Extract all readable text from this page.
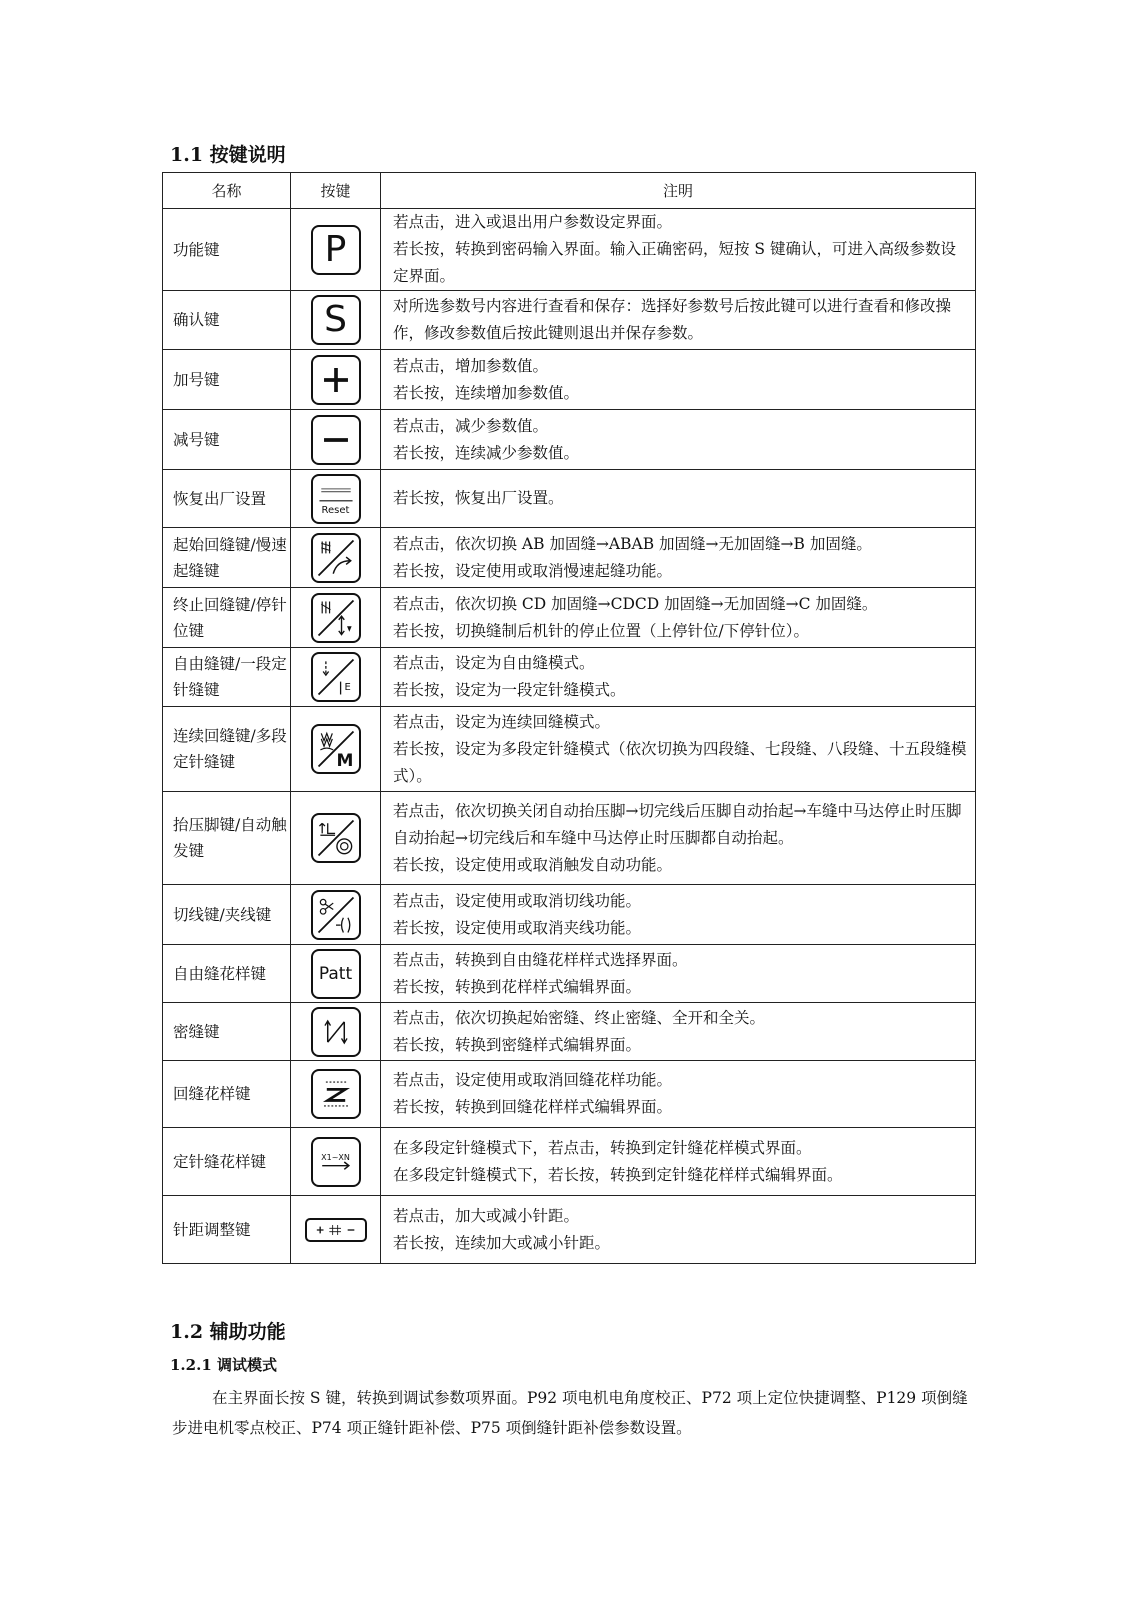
1.1 按键说明
名称	按键	注明
功能键	P	若点击，进入或退出用户参数设定界面。

若长按，转换到密码输入界面。输入正确密码，短按 S 键确认，可进入高级参数设定界面。

确认键	S	对所选参数号内容进行查看和保存：选择好参数号后按此键可以进行查看和修改操作，修改参数值后按此键则退出并保存参数。

加号键		若点击，增加参数值。

若长按，连续增加参数值。

减号键		若点击，减少参数值。

若长按，连续减少参数值。

恢复出厂设置	Reset	若长按，恢复出厂设置。

起始回缝键/慢速起缝键		若点击，依次切换 AB 加固缝→ABAB 加固缝→无加固缝→B 加固缝。

若长按，设定使用或取消慢速起缝功能。

终止回缝键/停针位键		若点击，依次切换 CD 加固缝→CDCD 加固缝→无加固缝→C 加固缝。

若长按，切换缝制后机针的停止位置（上停针位/下停针位）。

自由缝键/一段定针缝键	E	若点击，设定为自由缝模式。

若长按，设定为一段定针缝模式。

连续回缝键/多段定针缝键	M	若点击，设定为连续回缝模式。

若长按，设定为多段定针缝模式（依次切换为四段缝、七段缝、八段缝、十五段缝模式）。

抬压脚键/自动触发键		若点击，依次切换关闭自动抬压脚→切完线后压脚自动抬起→车缝中马达停止时压脚自动抬起→切完线后和车缝中马达停止时压脚都自动抬起。

若长按，设定使用或取消触发自动功能。

切线键/夹线键		若点击，设定使用或取消切线功能。

若长按，设定使用或取消夹线功能。

自由缝花样键	Patt	若点击，转换到自由缝花样样式选择界面。

若长按，转换到花样样式编辑界面。

密缝键		若点击，依次切换起始密缝、终止密缝、全开和全关。

若长按，转换到密缝样式编辑界面。

回缝花样键		若点击，设定使用或取消回缝花样功能。

若长按，转换到回缝花样样式编辑界面。

定针缝花样键	X1~XN	在多段定针缝模式下，若点击，转换到定针缝花样模式界面。

在多段定针缝模式下，若长按，转换到定针缝花样样式编辑界面。

针距调整键		若点击，加大或减小针距。

若长按，连续加大或减小针距。

1.2 辅助功能
1.2.1 调试模式

在主界面长按 S 键，转换到调试参数项界面。P92 项电机电角度校正、P72 项上定位快捷调整、P129 项倒缝步进电机零点校正、P74 项正缝针距补偿、P75 项倒缝针距补偿参数设置。
